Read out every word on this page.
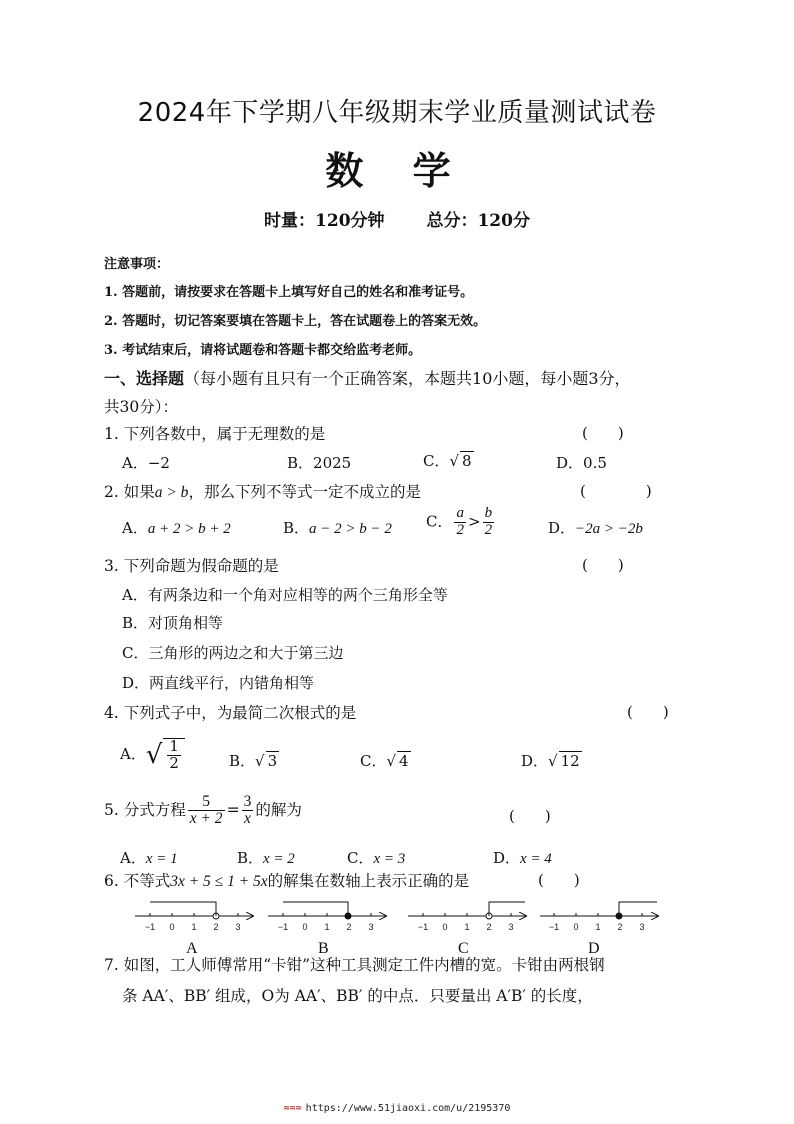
2024年下学期八年级期末学业质量测试试卷
数 学
时量：120分钟 总分：120分
注意事项：
1. 答题前，请按要求在答题卡上填写好自己的姓名和准考证号。
2. 答题时，切记答案要填在答题卡上，答在试题卷上的答案无效。
3. 考试结束后，请将试题卷和答题卡都交给监考老师。
一、选择题（每小题有且只有一个正确答案，本题共10小题，每小题3分，
共30分）：
1. 下列各数中，属于无理数的是	(　　)
A．−2	B．2025	C．√ 8	D．0.5
2. 如果a > b，那么下列不等式一定不成立的是	(　　　　)
A．a + 2 > b + 2	B．a − 2 > b − 2 C． $\frac{a}{2} > \frac{b}{2}$	D．−2a > −2b
3. 下列命题为假命题的是	(　　)
A．有两条边和一个角对应相等的两个三角形全等
B．对顶角相等
C．三角形的两边之和大于第三边
D．两直线平行，内错角相等
4. 下列式子中，为最简二次根式的是	(　　)
A．√ $\frac{1}{2}$	B．√ 3	C．√ 4	D．√ 12
5. 分式方程 $\frac{5}{x + 2} = \frac{3}{x}$ 的解为	(　　)
A．x = 1	B．x = 2	C．x = 3	D．x = 4
6. 不等式3x + 5 ≤ 1 + 5x的解集在数轴上表示正确的是	(　　)
−1 0 1 2 3	−1 0 1 2 3	−1 0 1 2 3	−1 0 1 2 3
A	B	C	D
7. 如图，工人师傅常用“卡钳”这种工具测定工件内槽的宽。卡钳由两根钢
条 AA′、BB′ 组成，O为 AA′、BB′ 的中点．只要量出 A′B′ 的长度，
≈≈≈ https://www.51jiaoxi.com/u/2195370
